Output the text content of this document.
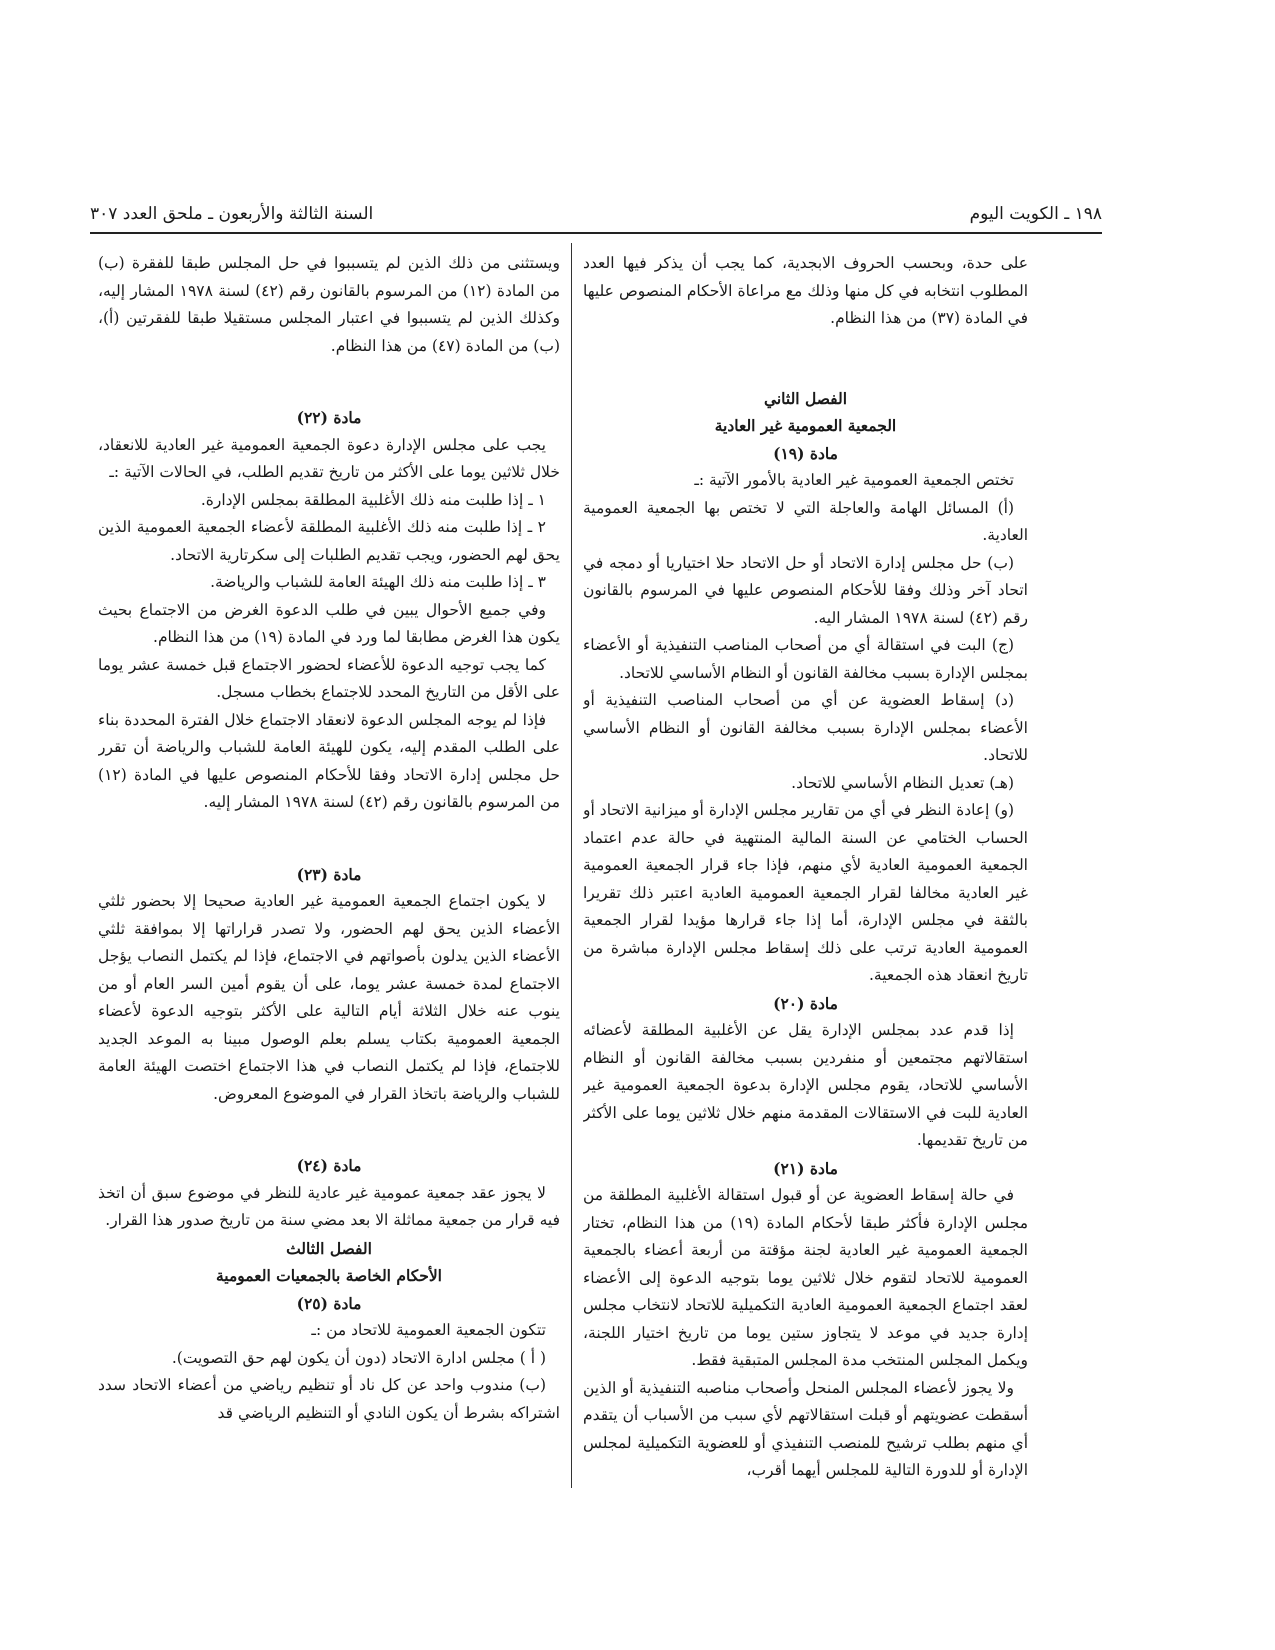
١٩٨ ـ الكويت اليوم
السنة الثالثة والأربعون ـ ملحق العدد ٣٠٧

على حدة، وبحسب الحروف الابجدية، كما يجب أن يذكر فيها العدد المطلوب انتخابه في كل منها وذلك مع مراعاة الأحكام المنصوص عليها في المادة (٣٧) من هذا النظام.

الفصل الثاني

الجمعية العمومية غير العادية

مادة (١٩)

تختص الجمعية العمومية غير العادية بالأمور الآتية :ـ

(أ) المسائل الهامة والعاجلة التي لا تختص بها الجمعية العمومية العادية.

(ب) حل مجلس إدارة الاتحاد أو حل الاتحاد حلا اختياريا أو دمجه في اتحاد آخر وذلك وفقا للأحكام المنصوص عليها في المرسوم بالقانون رقم (٤٢) لسنة ١٩٧٨ المشار اليه.

(ج) البت في استقالة أي من أصحاب المناصب التنفيذية أو الأعضاء بمجلس الإدارة بسبب مخالفة القانون أو النظام الأساسي للاتحاد.

(د) إسقاط العضوية عن أي من أصحاب المناصب التنفيذية أو الأعضاء بمجلس الإدارة بسبب مخالفة القانون أو النظام الأساسي للاتحاد.

(هـ) تعديل النظام الأساسي للاتحاد.

(و) إعادة النظر في أي من تقارير مجلس الإدارة أو ميزانية الاتحاد أو الحساب الختامي عن السنة المالية المنتهية في حالة عدم اعتماد الجمعية العمومية العادية لأي منهم، فإذا جاء قرار الجمعية العمومية غير العادية مخالفا لقرار الجمعية العمومية العادية اعتبر ذلك تقريرا بالثقة في مجلس الإدارة، أما إذا جاء قرارها مؤيدا لقرار الجمعية العمومية العادية ترتب على ذلك إسقاط مجلس الإدارة مباشرة من تاريخ انعقاد هذه الجمعية.

مادة (٢٠)

إذا قدم عدد بمجلس الإدارة يقل عن الأغلبية المطلقة لأعضائه استقالاتهم مجتمعين أو منفردين بسبب مخالفة القانون أو النظام الأساسي للاتحاد، يقوم مجلس الإدارة بدعوة الجمعية العمومية غير العادية للبت في الاستقالات المقدمة منهم خلال ثلاثين يوما على الأكثر من تاريخ تقديمها.

مادة (٢١)

في حالة إسقاط العضوية عن أو قبول استقالة الأغلبية المطلقة من مجلس الإدارة فأكثر طبقا لأحكام المادة (١٩) من هذا النظام، تختار الجمعية العمومية غير العادية لجنة مؤقتة من أربعة أعضاء بالجمعية العمومية للاتحاد لتقوم خلال ثلاثين يوما بتوجيه الدعوة إلى الأعضاء لعقد اجتماع الجمعية العمومية العادية التكميلية للاتحاد لانتخاب مجلس إدارة جديد في موعد لا يتجاوز ستين يوما من تاريخ اختيار اللجنة، ويكمل المجلس المنتخب مدة المجلس المتبقية فقط.

ولا يجوز لأعضاء المجلس المنحل وأصحاب مناصبه التنفيذية أو الذين أسقطت عضويتهم أو قبلت استقالاتهم لأي سبب من الأسباب أن يتقدم أي منهم بطلب ترشيح للمنصب التنفيذي أو للعضوية التكميلية لمجلس الإدارة أو للدورة التالية للمجلس أيهما أقرب،

ويستثنى من ذلك الذين لم يتسببوا في حل المجلس طبقا للفقرة (ب) من المادة (١٢) من المرسوم بالقانون رقم (٤٢) لسنة ١٩٧٨ المشار إليه، وكذلك الذين لم يتسببوا في اعتبار المجلس مستقيلا طبقا للفقرتين (أ)، (ب) من المادة (٤٧) من هذا النظام.

مادة (٢٢)

يجب على مجلس الإدارة دعوة الجمعية العمومية غير العادية للانعقاد، خلال ثلاثين يوما على الأكثر من تاريخ تقديم الطلب، في الحالات الآتية :ـ

١ ـ إذا طلبت منه ذلك الأغلبية المطلقة بمجلس الإدارة.

٢ ـ إذا طلبت منه ذلك الأغلبية المطلقة لأعضاء الجمعية العمومية الذين يحق لهم الحضور، ويجب تقديم الطلبات إلى سكرتارية الاتحاد.

٣ ـ إذا طلبت منه ذلك الهيئة العامة للشباب والرياضة.

وفي جميع الأحوال يبين في طلب الدعوة الغرض من الاجتماع بحيث يكون هذا الغرض مطابقا لما ورد في المادة (١٩) من هذا النظام.

كما يجب توجيه الدعوة للأعضاء لحضور الاجتماع قبل خمسة عشر يوما على الأقل من التاريخ المحدد للاجتماع بخطاب مسجل.

فإذا لم يوجه المجلس الدعوة لانعقاد الاجتماع خلال الفترة المحددة بناء على الطلب المقدم إليه، يكون للهيئة العامة للشباب والرياضة أن تقرر حل مجلس إدارة الاتحاد وفقا للأحكام المنصوص عليها في المادة (١٢) من المرسوم بالقانون رقم (٤٢) لسنة ١٩٧٨ المشار إليه.

مادة (٢٣)

لا يكون اجتماع الجمعية العمومية غير العادية صحيحا إلا بحضور ثلثي الأعضاء الذين يحق لهم الحضور، ولا تصدر قراراتها إلا بموافقة ثلثي الأعضاء الذين يدلون بأصواتهم في الاجتماع، فإذا لم يكتمل النصاب يؤجل الاجتماع لمدة خمسة عشر يوما، على أن يقوم أمين السر العام أو من ينوب عنه خلال الثلاثة أيام التالية على الأكثر بتوجيه الدعوة لأعضاء الجمعية العمومية بكتاب يسلم بعلم الوصول مبينا به الموعد الجديد للاجتماع، فإذا لم يكتمل النصاب في هذا الاجتماع اختصت الهيئة العامة للشباب والرياضة باتخاذ القرار في الموضوع المعروض.

مادة (٢٤)

لا يجوز عقد جمعية عمومية غير عادية للنظر في موضوع سبق أن اتخذ فيه قرار من جمعية مماثلة الا بعد مضي سنة من تاريخ صدور هذا القرار.

الفصل الثالث

الأحكام الخاصة بالجمعيات العمومية

مادة (٢٥)

تتكون الجمعية العمومية للاتحاد من :ـ

( أ ) مجلس ادارة الاتحاد (دون أن يكون لهم حق التصويت).

(ب) مندوب واحد عن كل ناد أو تنظيم رياضي من أعضاء الاتحاد سدد اشتراكه بشرط أن يكون النادي أو التنظيم الرياضي قد
